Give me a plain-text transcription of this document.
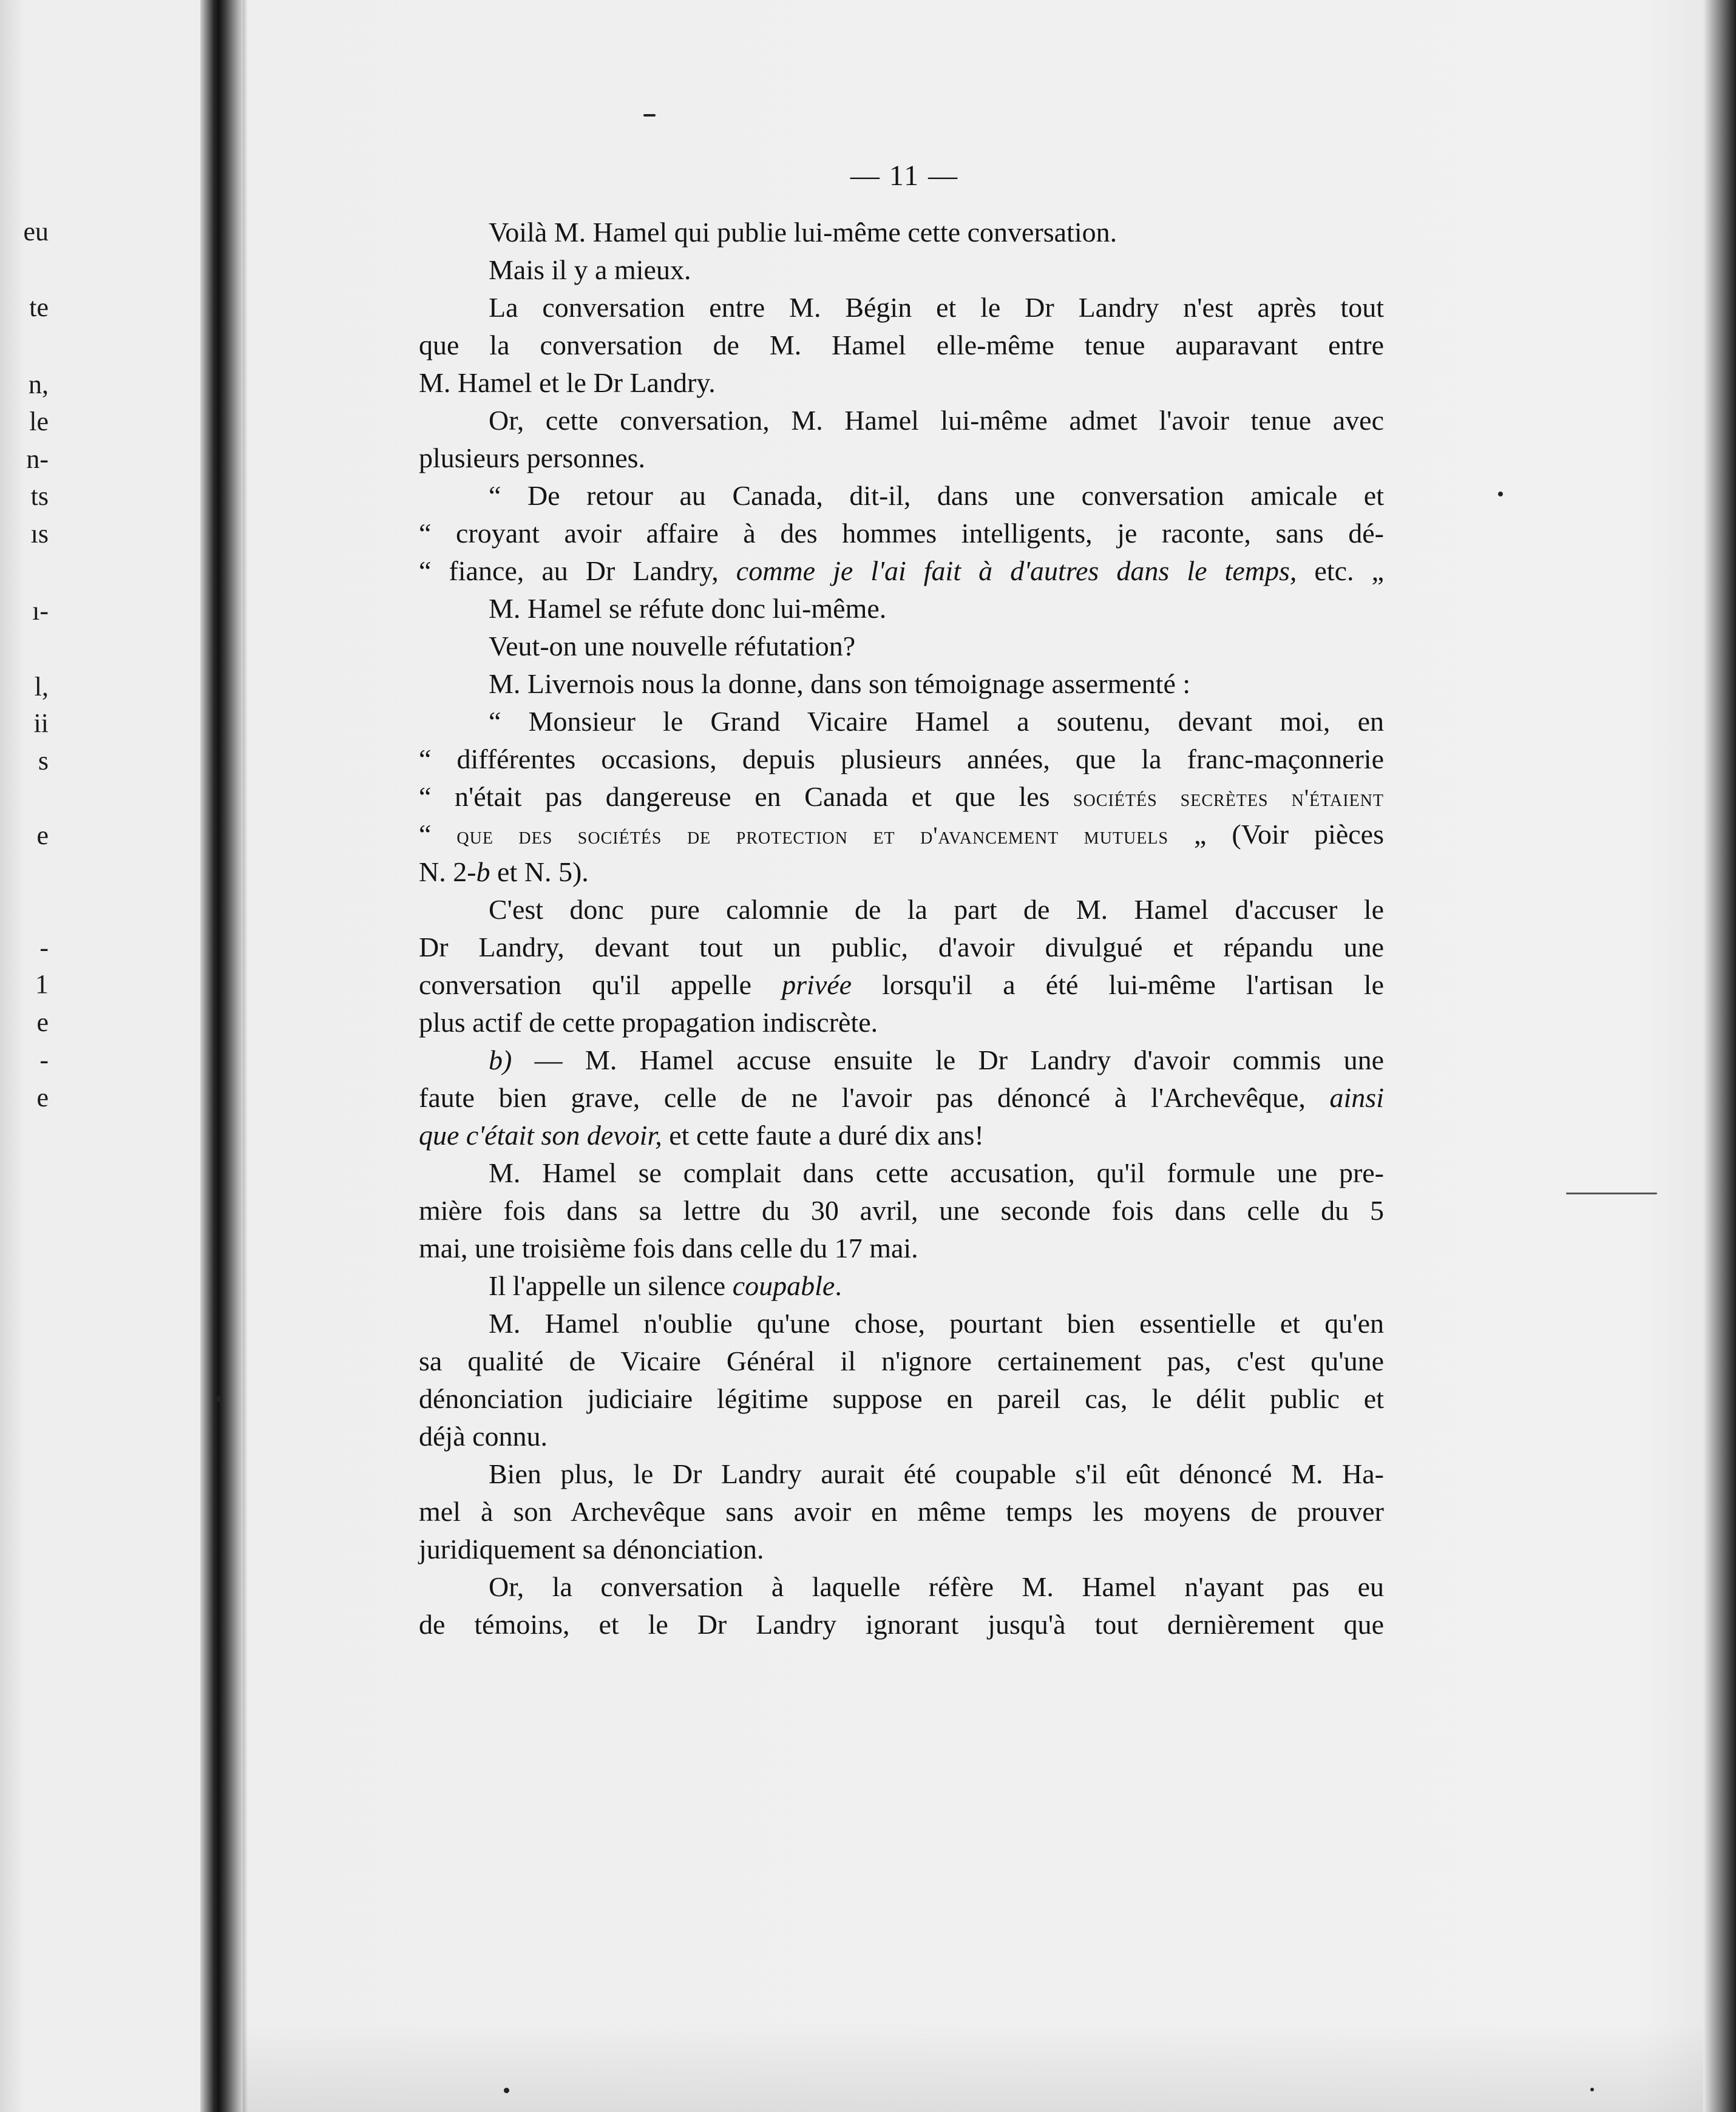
eu
te
n,
le
n-
ts
ıs
ı-
l,
ii
s
e
-
1
e
-
e
— 11 —
Voilà M. Hamel qui publie lui-même cette conversation.
Mais il y a mieux.
La conversation entre M. Bégin et le Dr Landry n'est après tout
que la conversation de M. Hamel elle-même tenue auparavant entre
M. Hamel et le Dr Landry.
Or, cette conversation, M. Hamel lui-même admet l'avoir tenue avec
plusieurs personnes.
“ De retour au Canada, dit-il, dans une conversation amicale et
“ croyant avoir affaire à des hommes intelligents, je raconte, sans dé-
“ fiance, au Dr Landry, comme je l'ai fait à d'autres dans le temps, etc. „
M. Hamel se réfute donc lui-même.
Veut-on une nouvelle réfutation?
M. Livernois nous la donne, dans son témoignage assermenté :
“ Monsieur le Grand Vicaire Hamel a soutenu, devant moi, en
“ différentes occasions, depuis plusieurs années, que la franc-maçonnerie
“ n'était pas dangereuse en Canada et que les sociétés secrètes n'étaient
“ que des sociétés de protection et d'avancement mutuels „ (Voir pièces
N. 2-b et N. 5).
C'est donc pure calomnie de la part de M. Hamel d'accuser le
Dr Landry, devant tout un public, d'avoir divulgué et répandu une
conversation qu'il appelle privée lorsqu'il a été lui-même l'artisan le
plus actif de cette propagation indiscrète.
b) — M. Hamel accuse ensuite le Dr Landry d'avoir commis une
faute bien grave, celle de ne l'avoir pas dénoncé à l'Archevêque, ainsi
que c'était son devoir, et cette faute a duré dix ans!
M. Hamel se complait dans cette accusation, qu'il formule une pre-
mière fois dans sa lettre du 30 avril, une seconde fois dans celle du 5
mai, une troisième fois dans celle du 17 mai.
Il l'appelle un silence coupable.
M. Hamel n'oublie qu'une chose, pourtant bien essentielle et qu'en
sa qualité de Vicaire Général il n'ignore certainement pas, c'est qu'une
dénonciation judiciaire légitime suppose en pareil cas, le délit public et
déjà connu.
Bien plus, le Dr Landry aurait été coupable s'il eût dénoncé M. Ha-
mel à son Archevêque sans avoir en même temps les moyens de prouver
juridiquement sa dénonciation.
Or, la conversation à laquelle réfère M. Hamel n'ayant pas eu
de témoins, et le Dr Landry ignorant jusqu'à tout dernièrement que
